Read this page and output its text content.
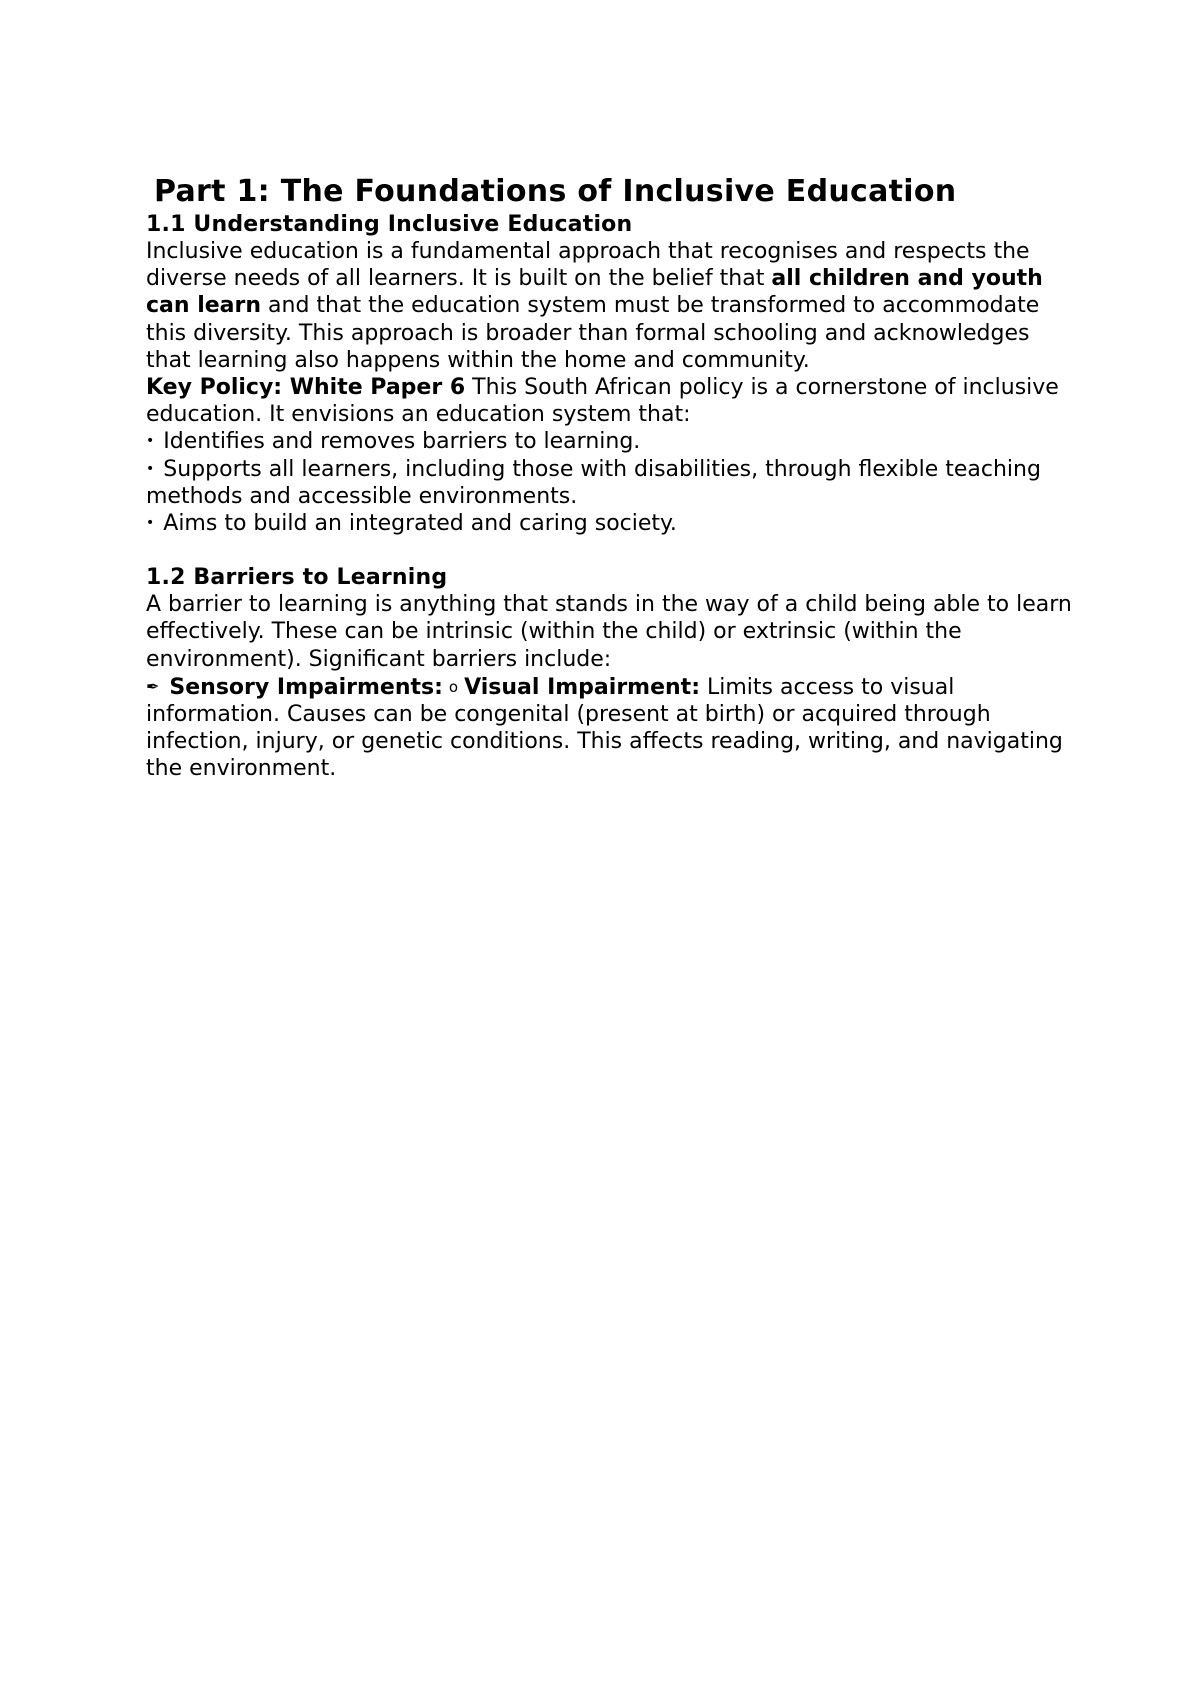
Part 1: The Foundations of Inclusive Education
1.1 Understanding Inclusive Education

Inclusive education is a fundamental approach that recognises and respects the diverse needs of all learners. It is built on the belief that all children and youth can learn and that the education system must be transformed to accommodate this diversity. This approach is broader than formal schooling and acknowledges that learning also happens within the home and community.

Key Policy: White Paper 6 This South African policy is a cornerstone of inclusive education. It envisions an education system that:

• Identifies and removes barriers to learning.

• Supports all learners, including those with disabilities, through flexible teaching methods and accessible environments.

• Aims to build an integrated and caring society.

1.2 Barriers to Learning

A barrier to learning is anything that stands in the way of a child being able to learn effectively. These can be intrinsic (within the child) or extrinsic (within the environment). Significant barriers include:

✒ Sensory Impairments: o Visual Impairment: Limits access to visual information. Causes can be congenital (present at birth) or acquired through infection, injury, or genetic conditions. This affects reading, writing, and navigating the environment.
